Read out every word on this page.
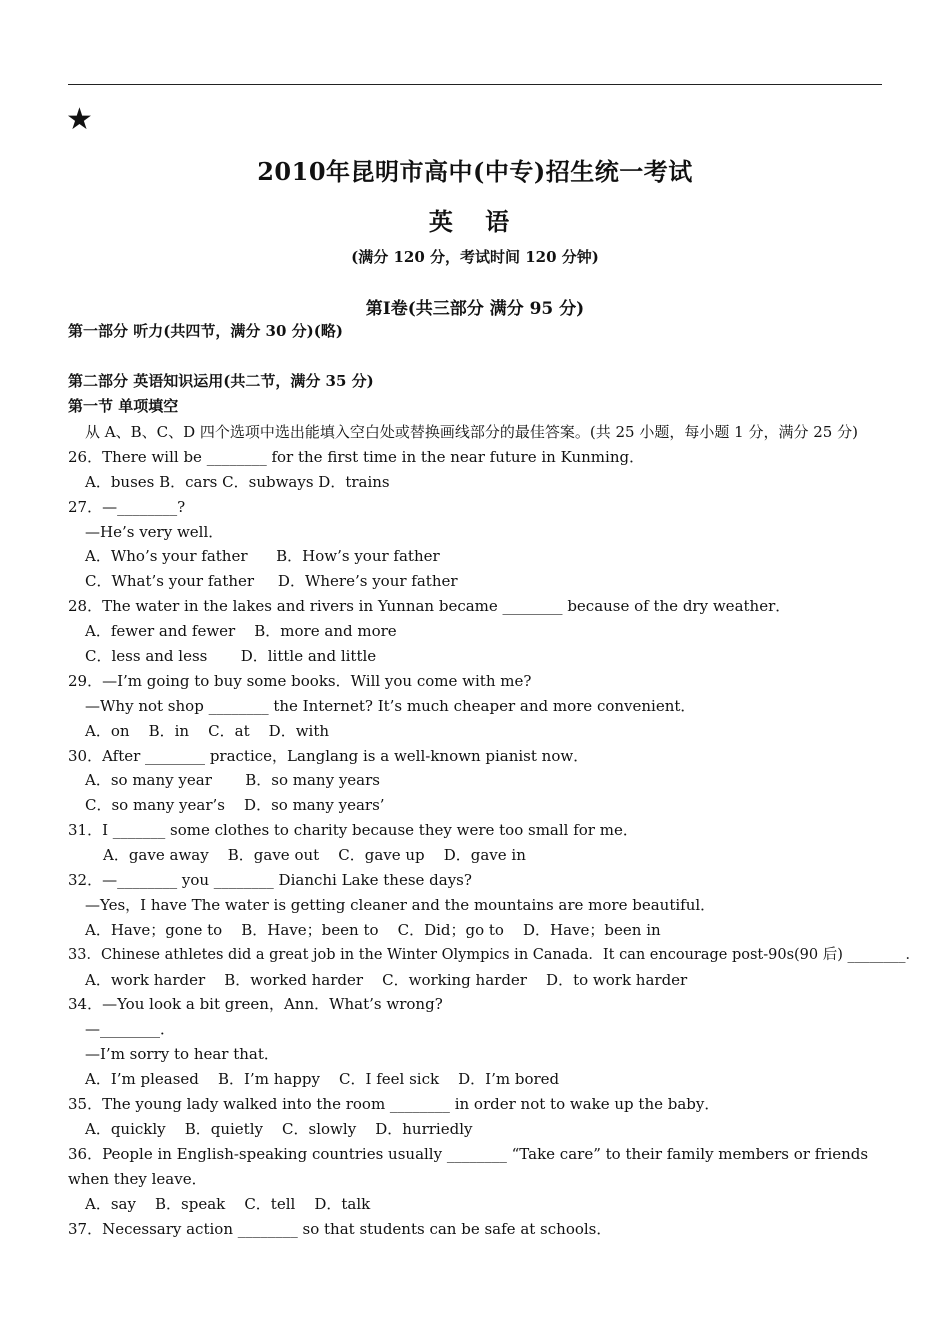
★
2010年昆明市高中(中专)招生统一考试
英 语
(满分 120 分，考试时间 120 分钟)
第Ⅰ卷(共三部分 满分 95 分)
第一部分 听力(共四节，满分 30 分)(略)
第二部分 英语知识运用(共二节，满分 35 分)
第一节 单项填空
从 A、B、C、D 四个选项中选出能填入空白处或替换画线部分的最佳答案。(共 25 小题，每小题 1 分，满分 25 分)
26．There will be ________ for the first time in the near future in Kunming．
A．buses B．cars C．subways D．trains
27．—________?
—He’s very well．
A．Who’s your father      B．How’s your father
C．What’s your father     D．Where’s your father
28．The water in the lakes and rivers in Yunnan became ________ because of the dry weather．
A．fewer and fewer    B．more and more
C．less and less       D．little and little
29．—I’m going to buy some books．Will you come with me?
—Why not shop ________ the Internet? It’s much cheaper and more convenient．
A．on    B．in    C．at    D．with
30．After ________ practice，Langlang is a well-known pianist now．
A．so many year       B．so many years
C．so many year’s    D．so many years’
31．I _______ some clothes to charity because they were too small for me．
A．gave away    B．gave out    C．gave up    D．gave in
32．—________ you ________ Dianchi Lake these days?
—Yes，I have The water is getting cleaner and the mountains are more beautiful．
A．Have；gone to    B．Have；been to    C．Did；go to    D．Have；been in
33．Chinese athletes did a great job in the Winter Olympics in Canada．It can encourage post-90s(90 后) ________．
A．work harder    B．worked harder    C．working harder    D．to work harder
34．—You look a bit green，Ann．What’s wrong?
—________．
—I’m sorry to hear that．
A．I’m pleased    B．I’m happy    C．I feel sick    D．I’m bored
35．The young lady walked into the room ________ in order not to wake up the baby．
A．quickly    B．quietly    C．slowly    D．hurriedly
36．People in English-speaking countries usually ________ “Take care” to their family members or friends when they leave．
A．say    B．speak    C．tell    D．talk
37．Necessary action ________ so that students can be safe at schools．
